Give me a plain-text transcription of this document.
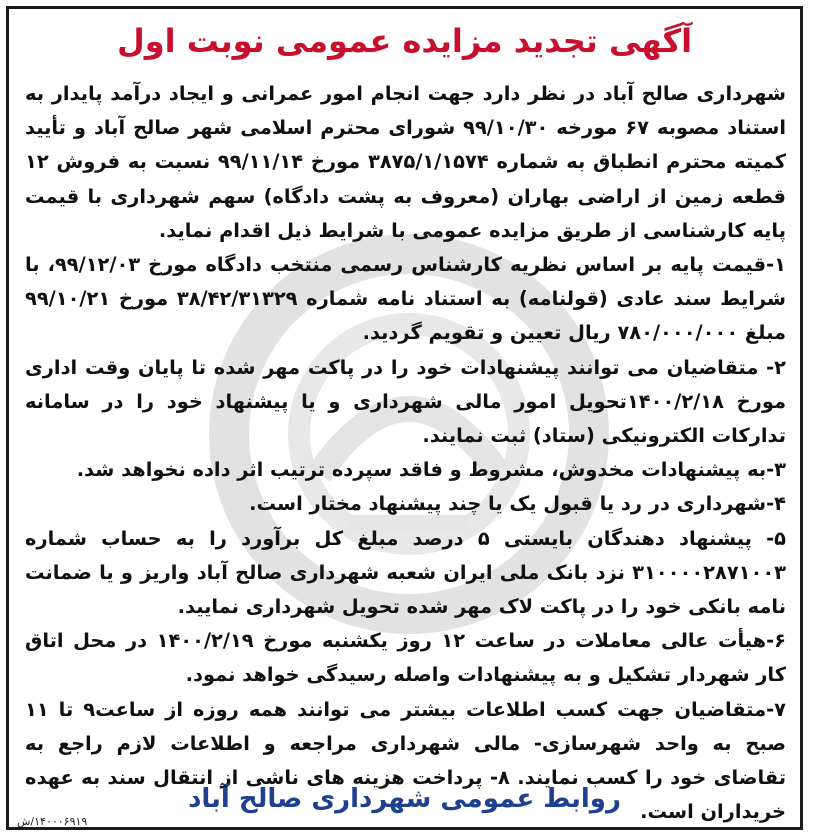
آگهی تجدید مزایده عمومی نوبت اول

شهرداری صالح آباد در نظر دارد جهت انجام امور عمرانی و ایجاد درآمد پایدار به استناد مصوبه ۶۷ مورخه ۹۹/۱۰/۳۰ شورای محترم اسلامی شهر صالح آباد و تأیید کمیته محترم انطباق به شماره ۳۸۷۵/۱/۱۵۷۴ مورخ ۹۹/۱۱/۱۴ نسبت به فروش ۱۲ قطعه زمین از اراضی بهاران (معروف به پشت دادگاه) سهم شهرداری با قیمت پایه کارشناسی از طریق مزایده عمومی با شرایط ذیل اقدام نماید.

۱-قیمت پایه بر اساس نظریه کارشناس رسمی منتخب دادگاه مورخ ۹۹/۱۲/۰۳، با شرایط سند عادی (قولنامه) به استناد نامه شماره ۳۸/۴۲/۳۱۳۲۹ مورخ ۹۹/۱۰/۲۱ مبلغ ۷۸۰/۰۰۰/۰۰۰ ریال تعیین و تقویم گردید.

۲- متقاضیان می توانند پیشنهادات خود را در پاکت مهر شده تا پایان وقت اداری مورخ ۱۴۰۰/۲/۱۸تحویل امور مالی شهرداری و یا پیشنهاد خود را در سامانه تدارکات الکترونیکی (ستاد) ثبت نمایند.

۳-به پیشنهادات مخدوش، مشروط و فاقد سپرده ترتیب اثر داده نخواهد شد.

۴-شهرداری در رد یا قبول یک یا چند پیشنهاد مختار است.

۵- پیشنهاد دهندگان بایستی ۵ درصد مبلغ کل برآورد را به حساب شماره ۳۱۰۰۰۰۲۸۷۱۰۰۳ نزد بانک ملی ایران شعبه شهرداری صالح آباد واریز و یا ضمانت نامه بانکی خود را در پاکت لاک مهر شده تحویل شهرداری نمایید.

۶-هیأت عالی معاملات در ساعت ۱۲ روز یکشنبه مورخ ۱۴۰۰/۲/۱۹ در محل اتاق کار شهردار تشکیل و به پیشنهادات واصله رسیدگی خواهد نمود.

۷-متقاضیان جهت کسب اطلاعات بیشتر می توانند همه روزه از ساعت۹ تا ۱۱ صبح به واحد شهرسازی- مالی شهرداری مراجعه و اطلاعات لازم راجع به تقاضای خود را کسب نمایند. ۸- پرداخت هزینه های ناشی از انتقال سند به عهده خریداران است.

روابط عمومی شهرداری صالح آباد
۱۴۰۰۰۶۹۱۹/ش
